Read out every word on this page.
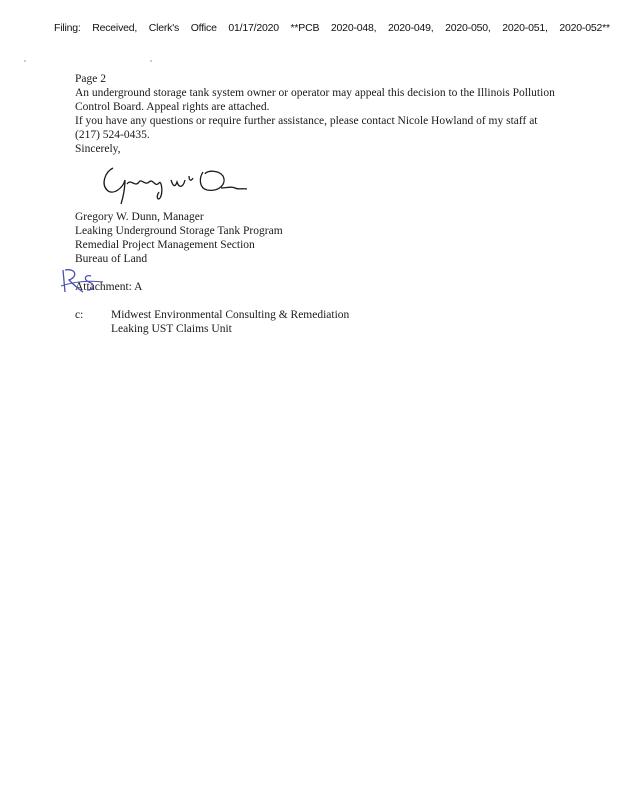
Filing: Received, Clerk's Office 01/17/2020 **PCB 2020-048, 2020-049, 2020-050, 2020-051, 2020-052**

Page 2

An underground storage tank system owner or operator may appeal this decision to the Illinois Pollution Control Board. Appeal rights are attached.

If you have any questions or require further assistance, please contact Nicole Howland of my staff at (217) 524-0435.

Sincerely,

Gregory W. Dunn, Manager

Leaking Underground Storage Tank Program

Remedial Project Management Section

Bureau of Land

Attachment: A

c:	Midwest Environmental Consulting & Remediation

Leaking UST Claims Unit
